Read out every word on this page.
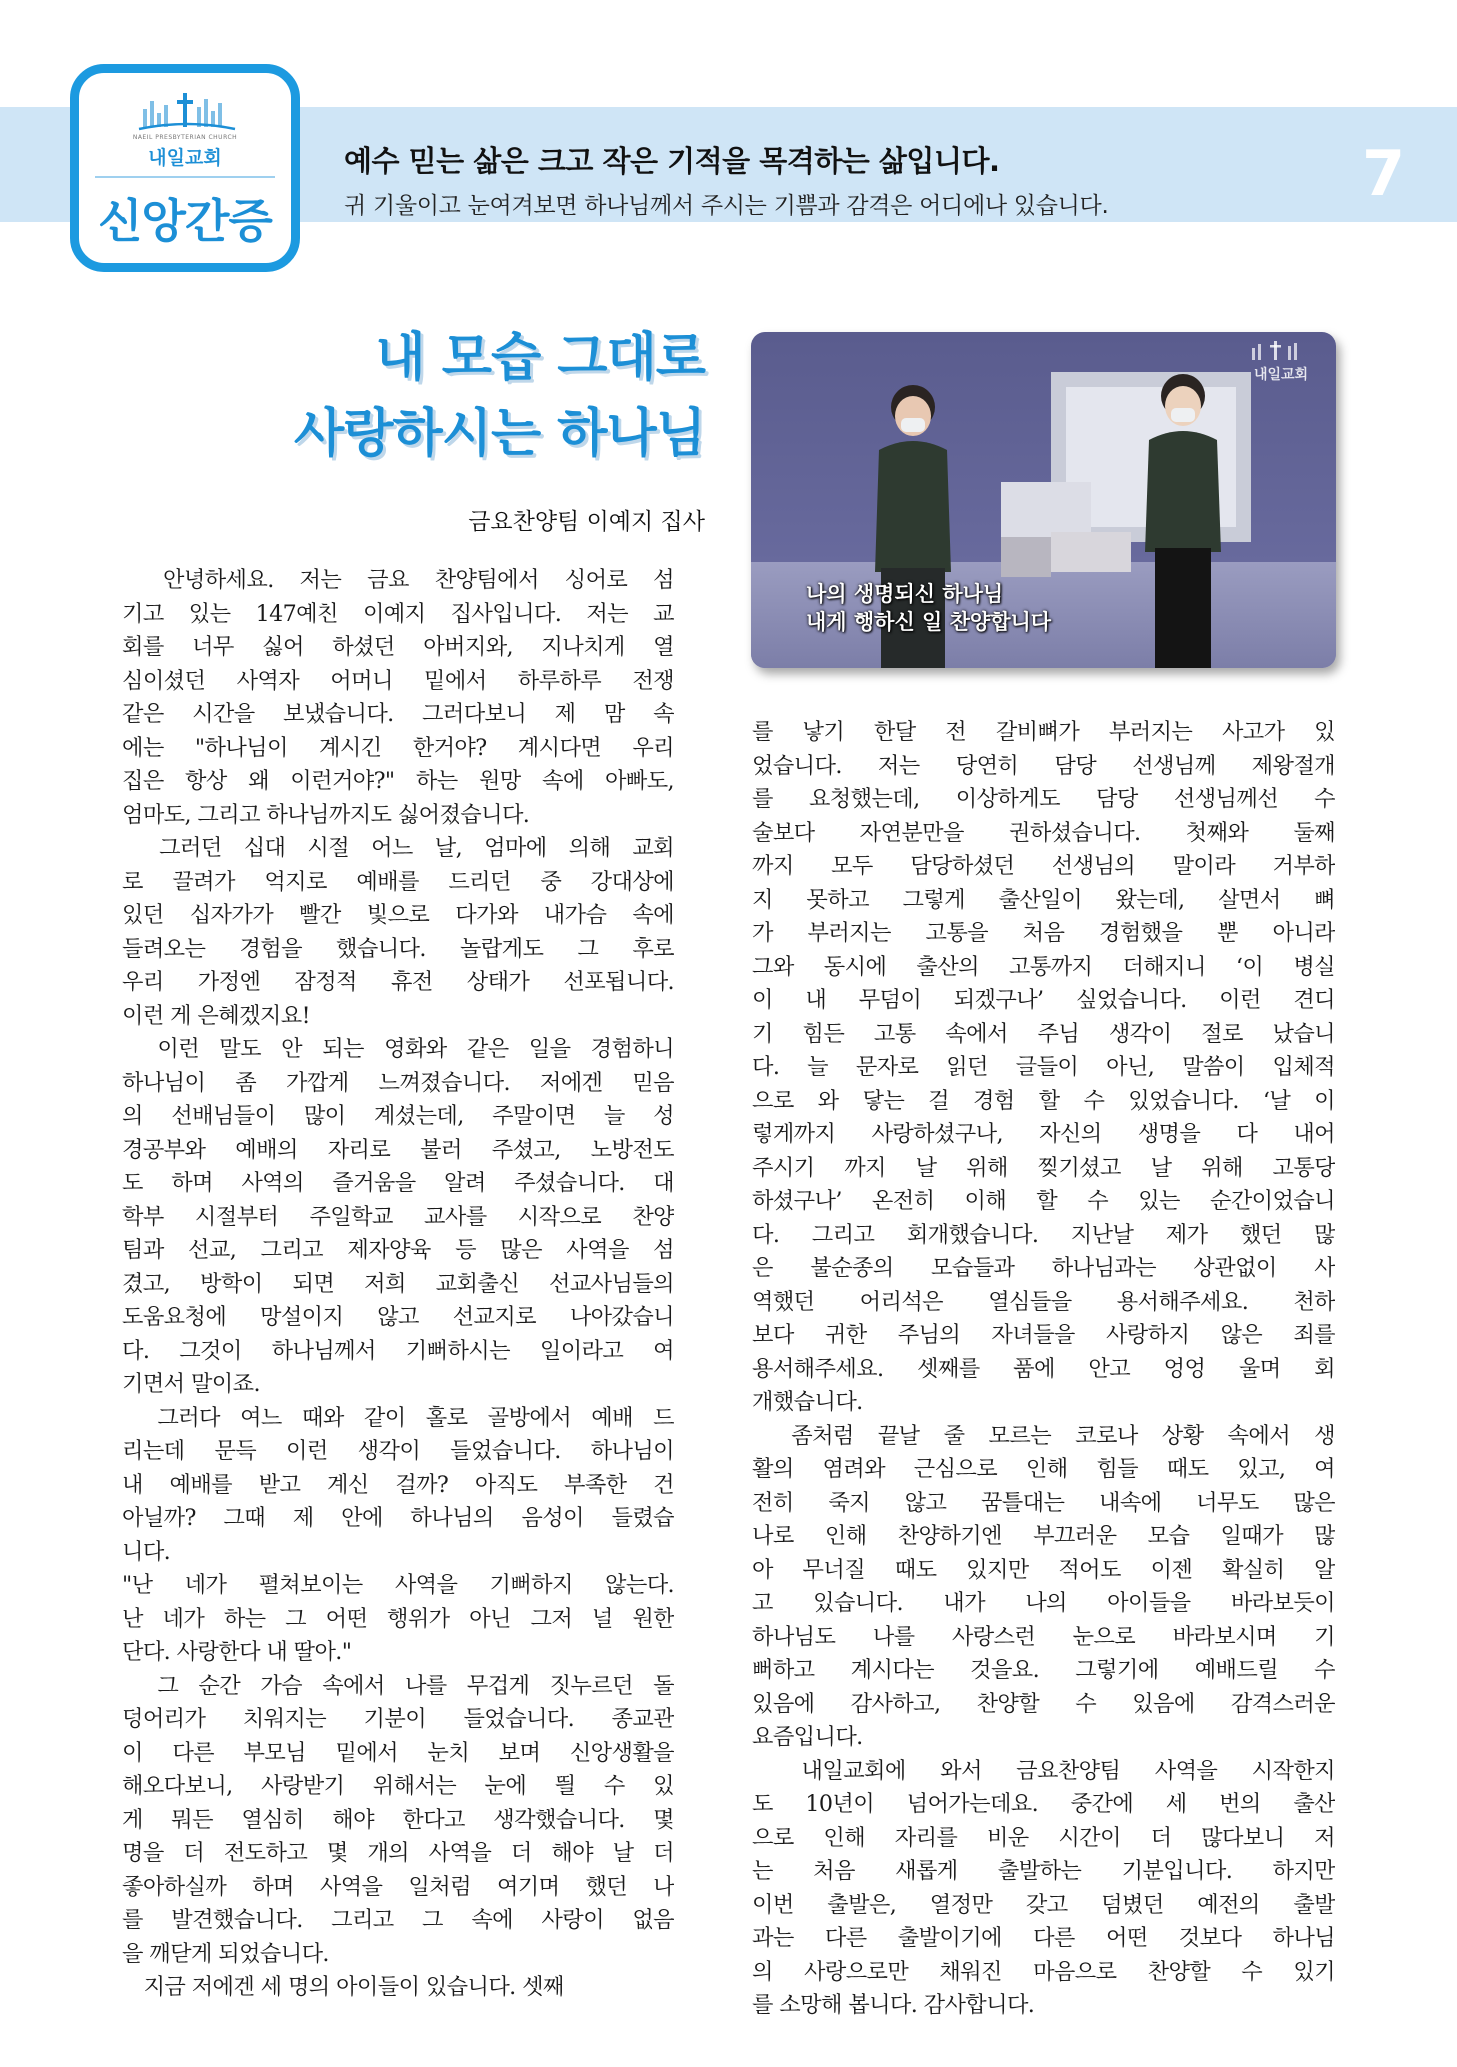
NAEIL PRESBYTERIAN CHURCH
내일교회
신앙간증
예수 믿는 삶은 크고 작은 기적을 목격하는 삶입니다.
귀 기울이고 눈여겨보면 하나님께서 주시는 기쁨과 감격은 어디에나 있습니다.	7
내 모습 그대로
사랑하시는 하나님
금요찬양팀 이예지 집사
내일교회
나의 생명되신 하나님
내게 행하신 일 찬양합니다
　안녕하세요. 저는 금요 찬양팀에서 싱어로 섬
기고 있는 147예친 이예지 집사입니다. 저는 교
회를 너무 싫어 하셨던 아버지와, 지나치게 열
심이셨던 사역자 어머니 밑에서 하루하루 전쟁
같은 시간을 보냈습니다. 그러다보니 제 맘 속
에는 "하나님이 계시긴 한거야? 계시다면 우리
집은 항상 왜 이런거야?" 하는 원망 속에 아빠도,
엄마도, 그리고 하나님까지도 싫어졌습니다.
　그러던 십대 시절 어느 날, 엄마에 의해 교회
로 끌려가 억지로 예배를 드리던 중 강대상에
있던 십자가가 빨간 빛으로 다가와 내가슴 속에
들려오는 경험을 했습니다. 놀랍게도 그 후로
우리 가정엔 잠정적 휴전 상태가 선포됩니다.
이런 게 은혜겠지요!
　이런 말도 안 되는 영화와 같은 일을 경험하니
하나님이 좀 가깝게 느껴졌습니다. 저에겐 믿음
의 선배님들이 많이 계셨는데, 주말이면 늘 성
경공부와 예배의 자리로 불러 주셨고, 노방전도
도 하며 사역의 즐거움을 알려 주셨습니다. 대
학부 시절부터 주일학교 교사를 시작으로 찬양
팀과 선교, 그리고 제자양육 등 많은 사역을 섬
겼고, 방학이 되면 저희 교회출신 선교사님들의
도움요청에 망설이지 않고 선교지로 나아갔습니
다. 그것이 하나님께서 기뻐하시는 일이라고 여
기면서 말이죠.
　그러다 여느 때와 같이 홀로 골방에서 예배 드
리는데 문득 이런 생각이 들었습니다. 하나님이
내 예배를 받고 계신 걸까? 아직도 부족한 건
아닐까? 그때 제 안에 하나님의 음성이 들렸습
니다.
"난 네가 펼쳐보이는 사역을 기뻐하지 않는다.
난 네가 하는 그 어떤 행위가 아닌 그저 널 원한
단다. 사랑한다 내 딸아."
　그 순간 가슴 속에서 나를 무겁게 짓누르던 돌
덩어리가 치워지는 기분이 들었습니다. 종교관
이 다른 부모님 밑에서 눈치 보며 신앙생활을
해오다보니, 사랑받기 위해서는 눈에 띌 수 있
게 뭐든 열심히 해야 한다고 생각했습니다. 몇
명을 더 전도하고 몇 개의 사역을 더 해야 날 더
좋아하실까 하며 사역을 일처럼 여기며 했던 나
를 발견했습니다. 그리고 그 속에 사랑이 없음
을 깨닫게 되었습니다.
　지금 저에겐 세 명의 아이들이 있습니다. 셋째
를 낳기 한달 전 갈비뼈가 부러지는 사고가 있
었습니다. 저는 당연히 담당 선생님께 제왕절개
를 요청했는데, 이상하게도 담당 선생님께선 수
술보다 자연분만을 권하셨습니다. 첫째와 둘째
까지 모두 담당하셨던 선생님의 말이라 거부하
지 못하고 그렇게 출산일이 왔는데, 살면서 뼈
가 부러지는 고통을 처음 경험했을 뿐 아니라
그와 동시에 출산의 고통까지 더해지니 ‘이 병실
이 내 무덤이 되겠구나’ 싶었습니다. 이런 견디
기 힘든 고통 속에서 주님 생각이 절로 났습니
다. 늘 문자로 읽던 글들이 아닌, 말씀이 입체적
으로 와 닿는 걸 경험 할 수 있었습니다. ‘날 이
렇게까지 사랑하셨구나, 자신의 생명을 다 내어
주시기 까지 날 위해 찢기셨고 날 위해 고통당
하셨구나’ 온전히 이해 할 수 있는 순간이었습니
다. 그리고 회개했습니다. 지난날 제가 했던 많
은 불순종의 모습들과 하나님과는 상관없이 사
역했던 어리석은 열심들을 용서해주세요. 천하
보다 귀한 주님의 자녀들을 사랑하지 않은 죄를
용서해주세요. 셋째를 품에 안고 엉엉 울며 회
개했습니다.
　좀처럼 끝날 줄 모르는 코로나 상황 속에서 생
활의 염려와 근심으로 인해 힘들 때도 있고, 여
전히 죽지 않고 꿈틀대는 내속에 너무도 많은
나로 인해 찬양하기엔 부끄러운 모습 일때가 많
아 무너질 때도 있지만 적어도 이젠 확실히 알
고 있습니다. 내가 나의 아이들을 바라보듯이
하나님도 나를 사랑스런 눈으로 바라보시며 기
뻐하고 계시다는 것을요. 그렇기에 예배드릴 수
있음에 감사하고, 찬양할 수 있음에 감격스러운
요즘입니다.
　내일교회에 와서 금요찬양팀 사역을 시작한지
도 10년이 넘어가는데요. 중간에 세 번의 출산
으로 인해 자리를 비운 시간이 더 많다보니 저
는 처음 새롭게 출발하는 기분입니다. 하지만
이번 출발은, 열정만 갖고 덤볐던 예전의 출발
과는 다른 출발이기에 다른 어떤 것보다 하나님
의 사랑으로만 채워진 마음으로 찬양할 수 있기
를 소망해 봅니다. 감사합니다.
